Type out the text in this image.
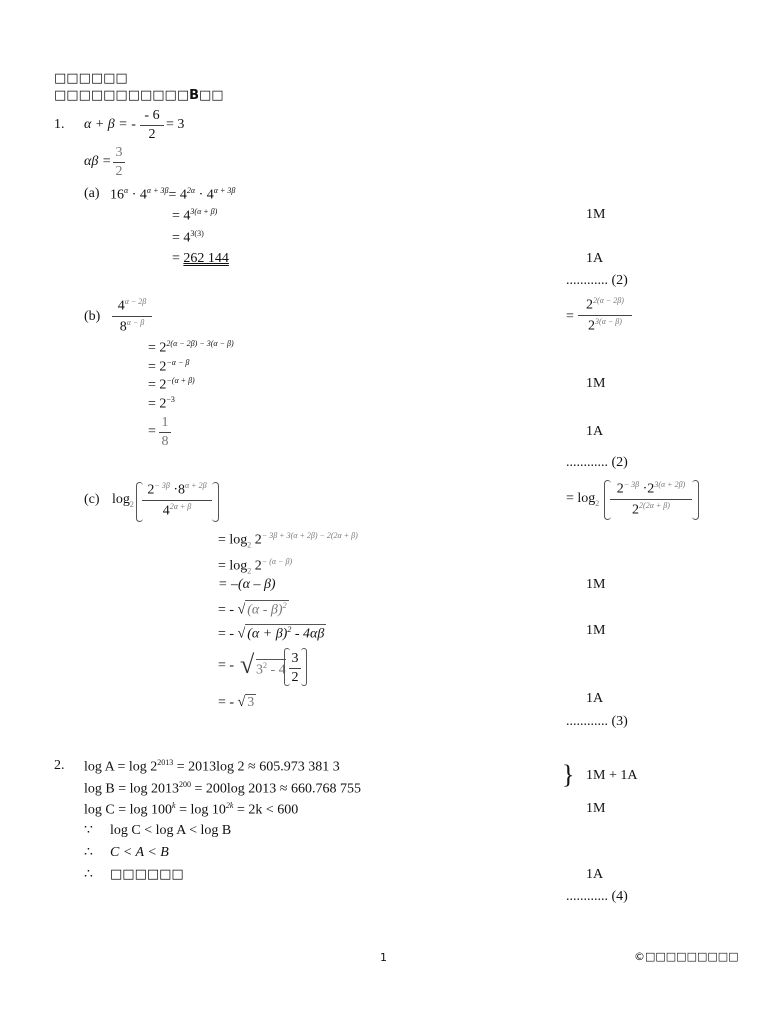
□□□□□□
□□□□□□□□□□□B□□
1. α + β = -
- 6
2
= 3
αβ =
3
2
(a) $16^\alpha \cdot 4^{\alpha + 3\beta}= 4^{2\alpha} \cdot 4^{\alpha + 3\beta}$
= $4^{3(\alpha + \beta)}$
= $4^{3(3)}$
= 262 144
1M
1A
............ (2)
(b)
$4^{\alpha - 2\beta}$
$8^{\alpha - \beta}$	=
$2^{2(\alpha - 2\beta)}$
$2^{3(\alpha - \beta)}$
= $2^{2(\alpha - 2\beta) - 3(\alpha - \beta)}$
= $2^{-\alpha - \beta}$
= $2^{-(\alpha + \beta)}$
= $2^{-3}$
=
1
8
1M
1A
............ (2)
(c) $\log_2$
$2^{- 3\beta} \cdot 8^{\alpha + 2\beta}$
$4^{2\alpha + \beta}$
= $\log_2$
$2^{- 3\beta} \cdot 2^{3(\alpha + 2\beta)}$
$2^{2(2\alpha + \beta)}$
= $\log_2 2^{- 3\beta + 3(\alpha + 2\beta) - 2(2\alpha + \beta)}$
= $\log_2 2^{- (\alpha - \beta)}$
= –(α – β)
= - √ (α - β)$^2$
= - √ $(\alpha + \beta)^2 - 4\alpha\beta$
= - √ $3^2 - 4$
3
2
= - √ 3
1M
1M
1A
............ (3)
2. $\log A = \log 2^{2013} = 2013\log$ 2 ≈ 605.973 381 3
$\log B = \log 2013^{200} = 200\log$ 2013 ≈ 660.768 755
$\log C = \log 100^k = \log 10^{2k} = 2k < 600$
∵ log C < log A < log B
∴ C < A < B
∴ □□□□□□
} 1M + 1A
1M
1A
............ (4)
1	©□□□□□□□□□
